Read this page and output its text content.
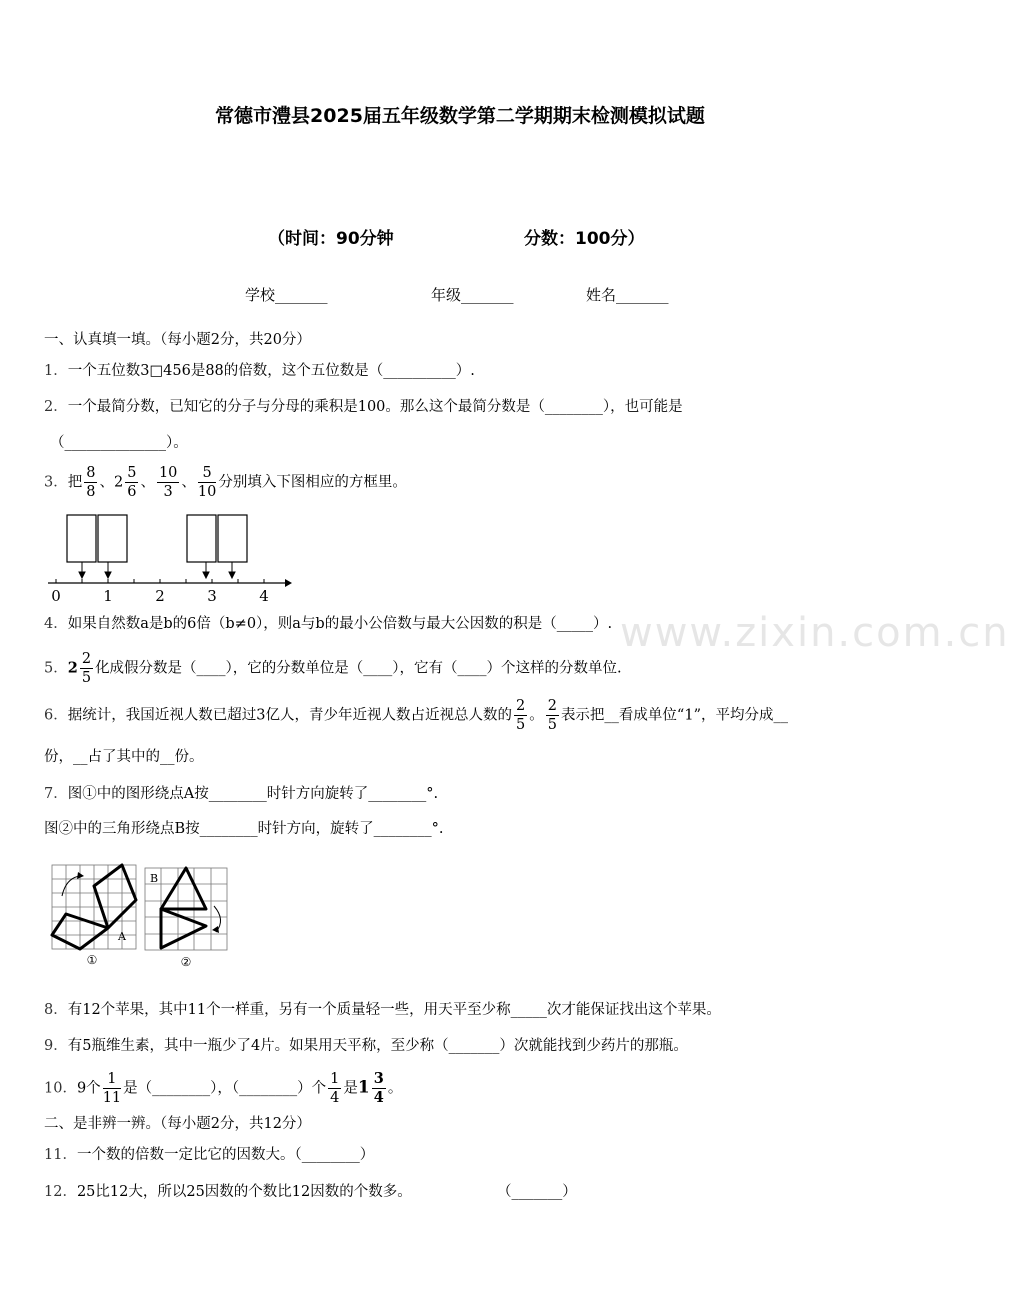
www.zixin.com.cn
常德市澧县2025届五年级数学第二学期期末检测模拟试题
（时间：90分钟	分数：100分）
学校_______	年级_______	姓名_______
一、认真填一填。（每小题2分，共20分）
1．一个五位数3□456是88的倍数，这个五位数是（__________）.
2．一个最简分数，已知它的分子与分母的乘积是100。那么这个最简分数是（________），也可能是
（______________）。
3．把 $\frac{8}{8}$ 、$2 \frac{5}{6}$ 、 $\frac{10}{3}$ 、 $\frac{5}{10}$ 分别填入下图相应的方框里。
0	1	2	3	4
4．如果自然数a是b的6倍（b≠0），则a与b的最小公倍数与最大公因数的积是（_____）.
5．$2 \frac{2}{5}$ 化成假分数是（____），它的分数单位是（____），它有（____）个这样的分数单位.
6．据统计，我国近视人数已超过3亿人，青少年近视人数占近视总人数的 $\frac{2}{5}$ 。 $\frac{2}{5}$ 表示把__看成单位“1”，平均分成__
份，__占了其中的__份。
7．图①中的图形绕点A按________时针方向旋转了________°.
图②中的三角形绕点B按________时针方向，旋转了________°.
A
①
B
②
8．有12个苹果，其中11个一样重，另有一个质量轻一些，用天平至少称_____次才能保证找出这个苹果。
9．有5瓶维生素，其中一瓶少了4片。如果用天平称，至少称（_______）次就能找到少药片的那瓶。
10．9个 $\frac{1}{11}$ 是（________），（________）个 $\frac{1}{4}$ 是$1 \frac{3}{4}$ 。
二、是非辨一辨。（每小题2分，共12分）
11．一个数的倍数一定比它的因数大。（________）
12．25比12大，所以25因数的个数比12因数的个数多。	（_______）
